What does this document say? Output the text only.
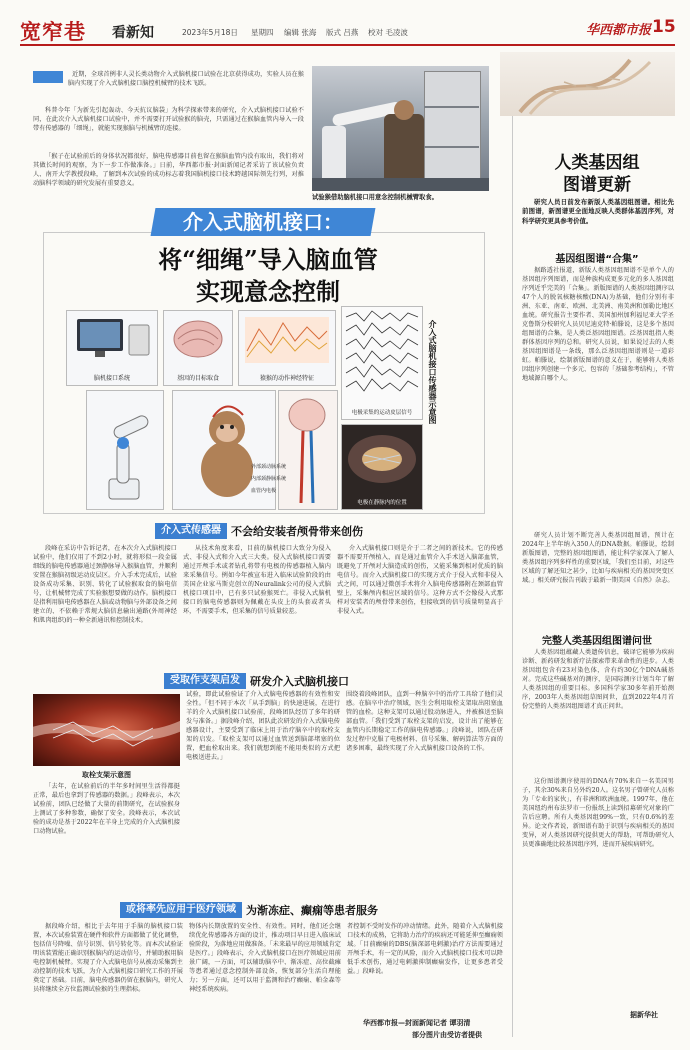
宽窄巷 看新知	2023年5月18日 星期四 编辑 张海 版式 吕燕 校对 毛凌波	华西都市报 15
近期，全球首例非人灵长类动物介入式脑机接口试验在北京获得成功，实验人员在猴脑内实现了介入式脑机接口脑控机械臂的技术飞跃。
科普今年「为新先引起轰动、今天抗议脑袋」为科学探索带来的研究，介入式脑机接口试验不同，在此次介入式脑机接口试验中，并不需要打开试验猴的脑壳，只需通过在猴脑血管内导入一段带有传感器的「细绳」，就能实现猴脑与机械臂的连接。
「猴子在试验前后的身体状况都很好，脑电传感器目前也留在猴脑血管内没有取出，我们将对其做长时间的观察，为下一步工作做准备。」日前，华西都市报·封面新闻记者采访了该试验负责人、南开大学教授段峰，了解到本次试验的成功标志着我国脑机接口技术跨越国际领先行列，对推动脑科学领域的研究发展有重要意义。
试验猴借助脑机接口用意念控制机械臂取食。
人类基因组
图谱更新
研究人员日前发布新版人类基因组图谱。相比先前图谱，新图谱更全面地反映人类群体基因序列，对科学研究更具参考价值。
基因组图谱“合集”
据路透社报道，新版人类基因组图谱不是单个人的基因组序列图谱，而是种族构成更多元化的多人基因组序列近乎完美的「合集」。新版图谱的人类基因组测序以47个人的脱氧核糖核酸(DNA)为基础，他们分别有非洲、东亚、南亚、欧洲、北美洲、南美洲和加勒比地区血统。研究报告主要作者、美国加州加利福尼亚大学圣克鲁斯分校研究人员贝尼迪克特·帕滕说，这是多个基因组图谱的合集，是人类泛基因组图谱。泛基因组指人类群体基因序列的总和。研究人员说，如果说过去的人类基因组图谱是一条线，那么泛基因组图谱则是一道彩虹。帕滕说，绘制新版图谱的意义在于，能够将人类基因组序列创建一个多元、包容的「基础参考结构」，不管地域源自哪个人。
研究人员计划不断完善人类基因组图谱，预计在2024年上半年纳入350人的DNA数据。帕滕说，绘制新版图谱，完整的基因组图谱，能让科学家深入了解人类基因组序列多样性的重要区域，「我们至目前，对这些区域的了解还知之甚少，比如与疾病相关的基因突变区域。」相关研究报告刊载于最新一期美国《自然》杂志。
完整人类基因组图谱问世
人类基因组蕴藏人类遗传信息，破译它能够为疾病诊断、新药研发和新疗法探索带来革命性的进步。人类基因组包含有23对染色体，含有约30亿个DNA碱基对。完成这些碱基对的测序，是国际测序计划当年了解人类基因组的重要目标。多国科学家30多年前开始测序，2003年人类基因组草图问世，直到2022年4月首份完整的人类基因组图谱才真正问世。
这份图谱测序使用的DNA有70%来自一名美国男子，其余30%来自另外约20人。这名男子曾研究人员称为「专业的家伙」，有非洲和欧洲血统。1997年，他在美国纽约州布法罗市一份报纸上读到招募研究对象的广告后应聘。所有人类基因组99%一致，只有0.6%的差异。论文作者说，新图谱有助于识别与疾病相关的基因变异，对人类基因研究提供更大的帮助，可帮助研究人员更准确地比较基因组序列，进而开展疾病研究。
据新华社
介入式脑机接口：
将“细绳”导入脑血管
实现意念控制
脑机接口系统	基因的目标取食	猿猴的动作神经特征
电极采集的运动皮层信号
外部颈动脉系统
内部颈静脉系统
血管内电极
电极在静脉内的位置
介入式脑机接口传感器示意图
介入式传感器 不会给安装者颅骨带来创伤
段峰在采访中告诉记者，在本次介入式脑机接口试验中，他们仅用了不到2小时，就将形似一段金属细线的脑电传感器通过颈静脉导入猴脑血管，并顺利安置在猴脑初级运动皮层区。介入手术完成后，试验设备成功采集、识别、转化了试验猴取食的脑电信号，让机械臂完成了实验猴想要做的动作。脑机接口是指利用脑电传感器在人脑或动物脑与外部设备之间建立的、不依赖于常规大脑信息输出通路(外周神经和肌肉组织)的一种全新通讯和控制技术。
从技术角度来看，目前的脑机接口大致分为侵入式、非侵入式和介入式三大类。侵入式脑机接口需要通过开颅手术或者钻孔将带有电极的传感器植入脑内来采集信号。例如今年被宣布进入临床试验阶段的由美国企业家马斯克创立的Neuralink公司的侵入式脑机接口项目中，已有多只试验猴死亡。非侵入式脑机接口的脑电传感器则为佩戴在头皮上的头套或者头环，不需要手术，但采集的信号质量较差。
介入式脑机接口则是介于二者之间的新技术。它的传感器不需要开颅植入，而是通过血管介入手术送入脑部血管，既避免了开颅对大脑造成的创伤，又能采集到相对优质的脑电信号。而介入式脑机接口的实现方式介于侵入式和非侵入式之间，可以通过微创手术将介入脑电传感器附在颈部血管壁上，采集颅内相应区域的信号。这种方式不会像侵入式那样对安装者的颅骨带来创伤，但接收到的信号质量明显高于非侵入式。
受取作支架启发 研发介入式脑机接口
取栓支架示意图
「去年，在试验前后的半年多时间里生活得都挺正常，最后也拿到了传感器的数据。」段峰表示，本次试验前，团队已经做了大量的前期研究，在试验猴身上测试了多种参数，确保了安全。段峰表示，本次试验的成功是基于2022年在羊身上完成的介入式脑机接口动物试验。
试验，即此试验验证了介入式脑电传感器的有效性和安全性。「但不同于本次「从手到脑」的快速进展，在进行羊的介入式脑机接口试验前，段峰团队经历了多年的研发与准备。」据段峰介绍，团队此次研发的介入式脑电传感器设计，主要受到了临床上用于治疗脑卒中的取栓支架的启发。「取栓支架可以通过血管送到脑部堵塞的位置，把血栓取出来。我们就想到能不能用类似的方式把电极送进去。」
围绕着段峰团队，直到一种脑卒中的治疗工具给了他们灵感。在脑卒中治疗领域，医生会利用取栓支架取出阻塞血管的血栓。这种支架可以通过股动脉进入，并被推送至脑部血管。「我们受到了取栓支架的启发，设计出了能够在血管内长期稳定工作的脑电传感器。」段峰说，团队在研发过程中克服了电极材料、信号采集、解码算法等方面的诸多困难，最终实现了介入式脑机接口设备的工作。
或将率先应用于医疗领域 为渐冻症、癫痫等患者服务
据段峰介绍，相比于去年用于手脑的脑机接口装置，本次试验装置在硬件和软件方面都做了优化调整，包括信号降噪、信号识别、信号转化等。而本次试验证明该装置能正确识别猴脑内的运动信号，并辅助猴用脑电控制机械臂。实现了介入式脑电信号从被动采集到主动控制的技术飞跃，为介入式脑机接口研究工作的开展奠定了基础。目前，脑电传感器仍留在猴脑内，研究人员将继续全方位监测试验猴的生理指标。
物体内长期放置的安全性、有效性。同时，他们还会继续优化传感器各方面的设计，推动项目早日进入临床试验阶段，为落地应用做准备。「未来最早的应用领域肯定是医疗。」段峰表示，介入式脑机接口在医疗领域应用前景广阔，一方面，可以辅助脑卒中、渐冻症、高位截瘫等患者通过意念控制外部设备，恢复部分生活自理能力；另一方面，还可以用于监测和治疗癫痫、帕金森等神经系统疾病。
者控制不受时发作的冲动情绪。此外，随着介入式脑机接口技术的成熟，它将助力治疗的疾病还可能延伸至癫痫领域。「目前癫痫的DBS(脑深部电刺激)治疗方法需要通过开颅手术，有一定的风险，而介入式脑机接口技术可以降低手术创伤，通过电刺激抑制癫痫发作，让更多患者受益。」段峰说。
华西都市报—封面新闻记者 谭羽清
部分图片由受访者提供
